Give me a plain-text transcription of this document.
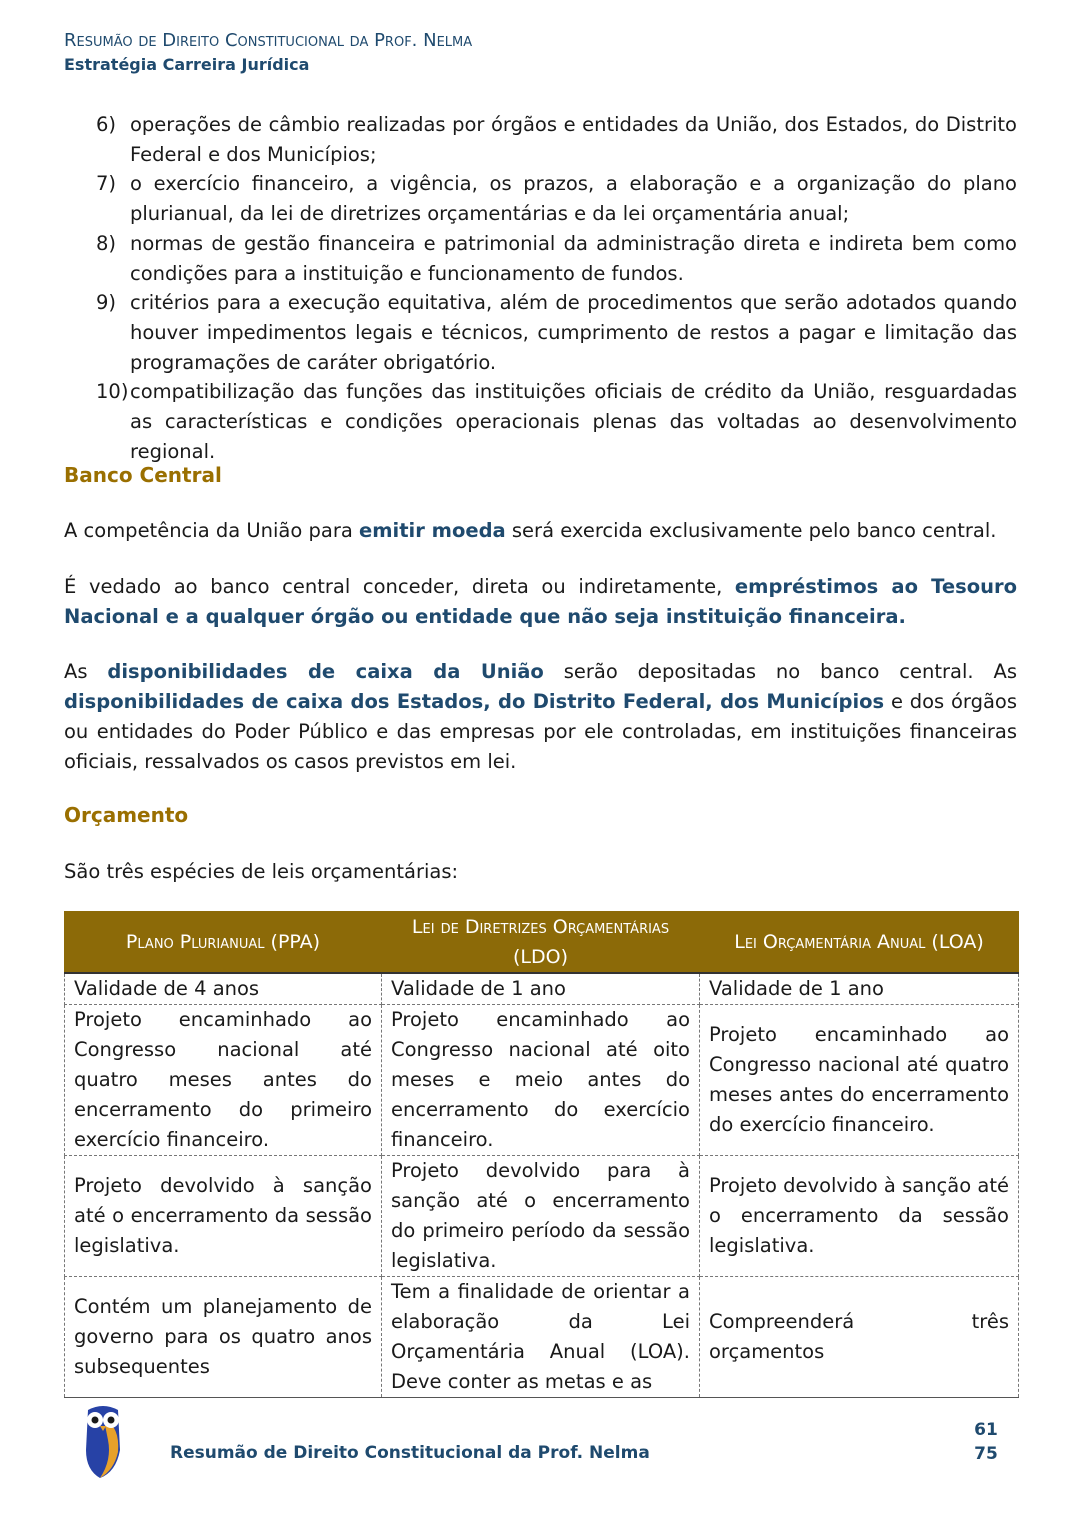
Resumão de Direito Constitucional da Prof. Nelma
Estratégia Carreira Jurídica
6) operações de câmbio realizadas por órgãos e entidades da União, dos Estados, do Distrito Federal e dos Municípios;
7) o exercício financeiro, a vigência, os prazos, a elaboração e a organização do plano plurianual, da lei de diretrizes orçamentárias e da lei orçamentária anual;
8) normas de gestão financeira e patrimonial da administração direta e indireta bem como condições para a instituição e funcionamento de fundos.
9) critérios para a execução equitativa, além de procedimentos que serão adotados quando houver impedimentos legais e técnicos, cumprimento de restos a pagar e limitação das programações de caráter obrigatório.
10) compatibilização das funções das instituições oficiais de crédito da União, resguardadas as características e condições operacionais plenas das voltadas ao desenvolvimento regional.
Banco Central

A competência da União para emitir moeda será exercida exclusivamente pelo banco central.

É vedado ao banco central conceder, direta ou indiretamente, empréstimos ao Tesouro Nacional e a qualquer órgão ou entidade que não seja instituição financeira.

As disponibilidades de caixa da União serão depositadas no banco central. As disponibilidades de caixa dos Estados, do Distrito Federal, dos Municípios e dos órgãos ou entidades do Poder Público e das empresas por ele controladas, em instituições financeiras oficiais, ressalvados os casos previstos em lei.

Orçamento

São três espécies de leis orçamentárias:

Plano Plurianual (PPA)	Lei de Diretrizes Orçamentárias (LDO)	Lei Orçamentária Anual (LOA)
Validade de 4 anos	Validade de 1 ano	Validade de 1 ano
Projeto encaminhado ao Congresso nacional até quatro meses antes do encerramento do primeiro exercício financeiro.	Projeto encaminhado ao Congresso nacional até oito meses e meio antes do encerramento do exercício financeiro.	Projeto encaminhado ao Congresso nacional até quatro meses antes do encerramento do exercício financeiro.
Projeto devolvido à sanção até o encerramento da sessão legislativa.	Projeto devolvido para à sanção até o encerramento do primeiro período da sessão legislativa.	Projeto devolvido à sanção até o encerramento da sessão legislativa.
Contém um planejamento de governo para os quatro anos subsequentes	Tem a finalidade de orientar a elaboração da Lei Orçamentária Anual (LOA). Deve conter as metas e as	Compreenderá três orçamentos
Resumão de Direito Constitucional da Prof. Nelma
61
75
